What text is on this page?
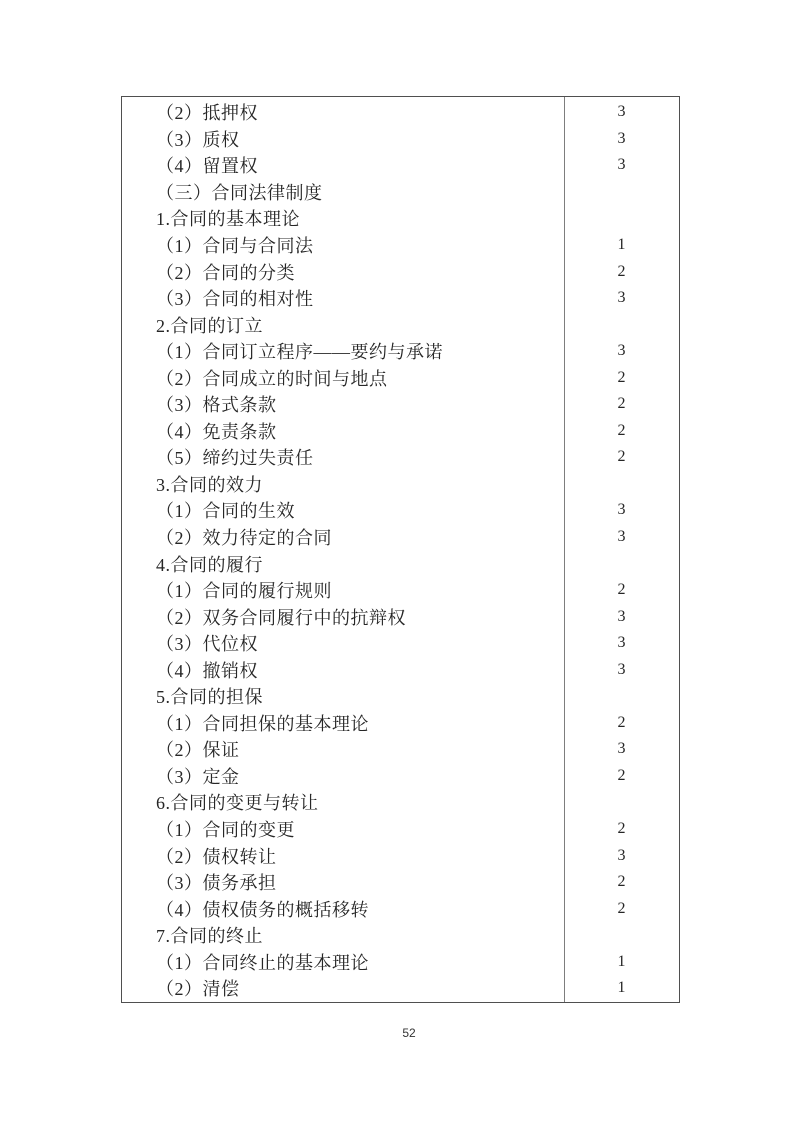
（2）抵押权	3
（3）质权	3
（4）留置权	3
（三）合同法律制度
1.合同的基本理论
（1）合同与合同法	1
（2）合同的分类	2
（3）合同的相对性	3
2.合同的订立
（1）合同订立程序——要约与承诺	3
（2）合同成立的时间与地点	2
（3）格式条款	2
（4）免责条款	2
（5）缔约过失责任	2
3.合同的效力
（1）合同的生效	3
（2）效力待定的合同	3
4.合同的履行
（1）合同的履行规则	2
（2）双务合同履行中的抗辩权	3
（3）代位权	3
（4）撤销权	3
5.合同的担保
（1）合同担保的基本理论	2
（2）保证	3
（3）定金	2
6.合同的变更与转让
（1）合同的变更	2
（2）债权转让	3
（3）债务承担	2
（4）债权债务的概括移转	2
7.合同的终止
（1）合同终止的基本理论	1
（2）清偿	1
52
